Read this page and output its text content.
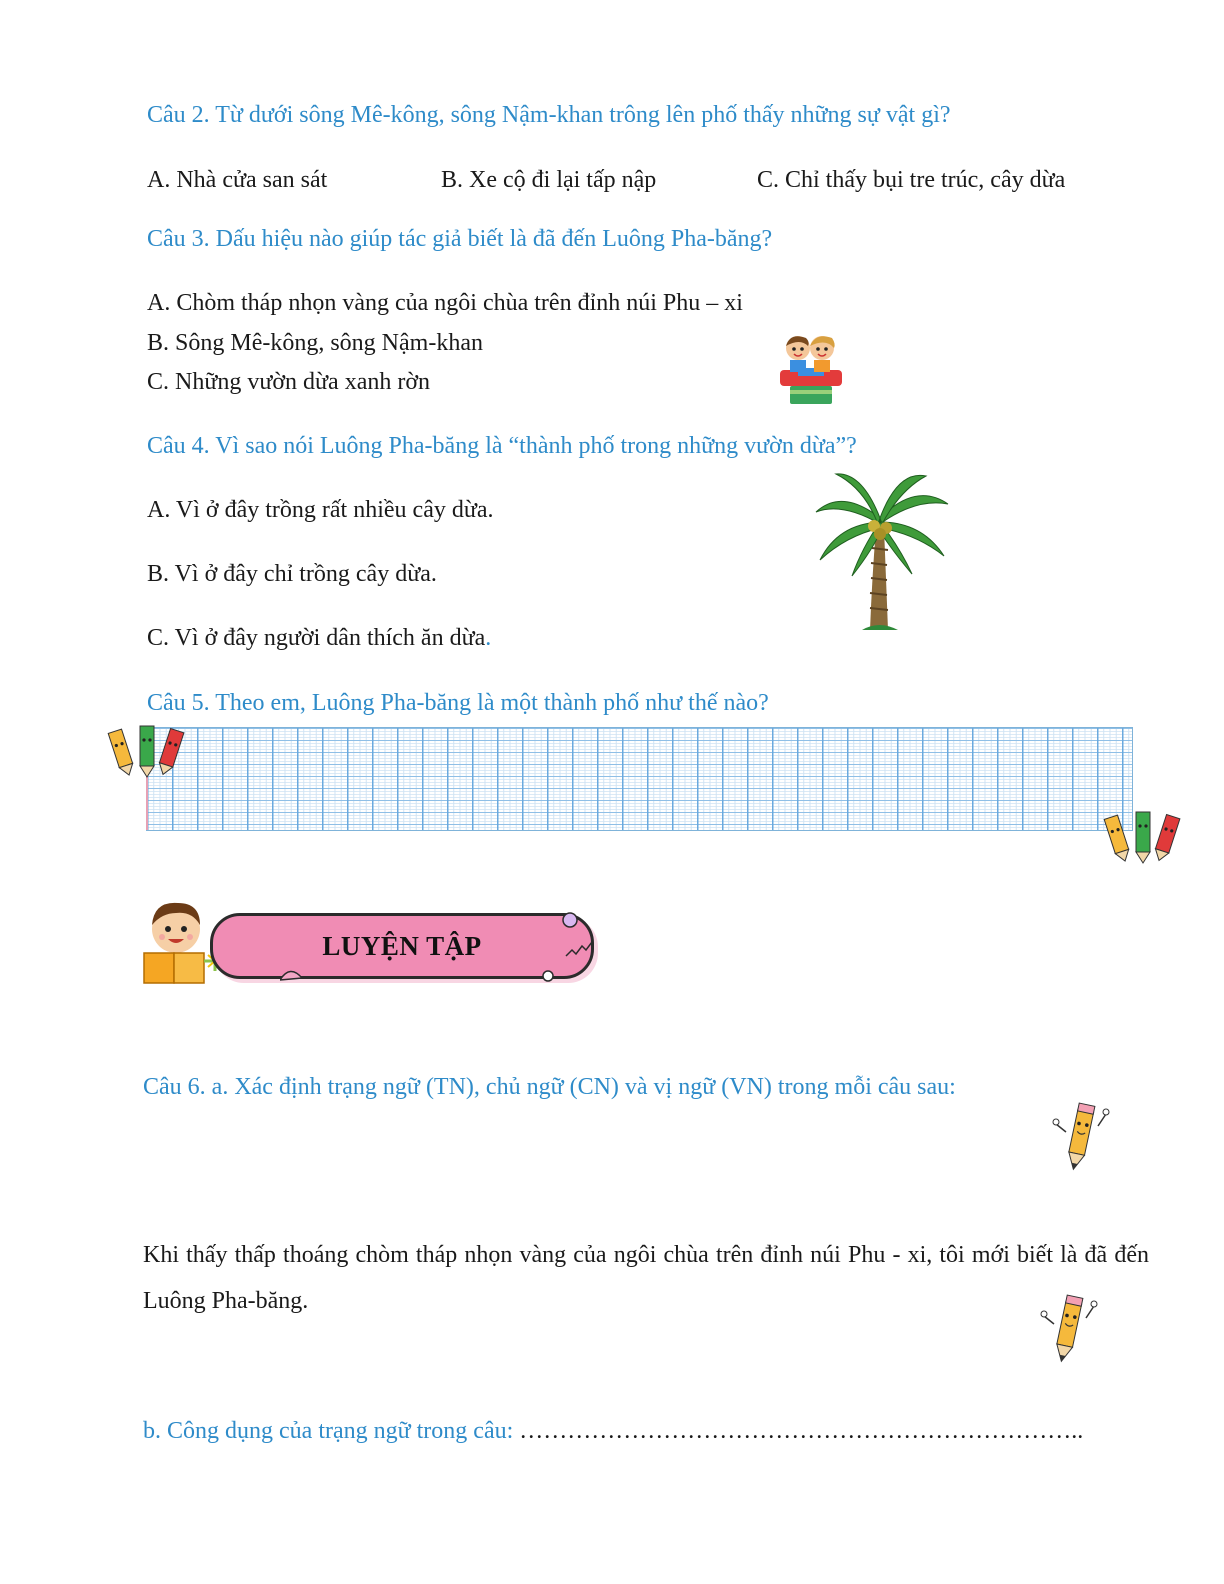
Câu 2. Từ dưới sông Mê-kông, sông Nậm-khan trông lên phố thấy những sự vật gì?
A. Nhà cửa san sát	B. Xe cộ đi lại tấp nập	C. Chỉ thấy bụi tre trúc, cây dừa
Câu 3. Dấu hiệu nào giúp tác giả biết là đã đến Luông Pha-băng?
A. Chòm tháp nhọn vàng của ngôi chùa trên đỉnh núi Phu – xi
B. Sông Mê-kông, sông Nậm-khan
C. Những vườn dừa xanh rờn
Câu 4. Vì sao nói Luông Pha-băng là “thành phố trong những vườn dừa”?
A. Vì ở đây trồng rất nhiều cây dừa.
B. Vì ở đây chỉ trồng cây dừa.
C. Vì ở đây người dân thích ăn dừa.
Câu 5. Theo em, Luông Pha-băng là một thành phố như thế nào?
LUYỆN TẬP
Câu 6. a. Xác định trạng ngữ (TN), chủ ngữ (CN) và vị ngữ (VN) trong mỗi câu sau:
Khi thấy thấp thoáng chòm tháp nhọn vàng của ngôi chùa trên đỉnh núi Phu - xi, tôi mới biết là đã đến Luông Pha-băng.
b. Công dụng của trạng ngữ trong câu: ……………………………………………………………..
